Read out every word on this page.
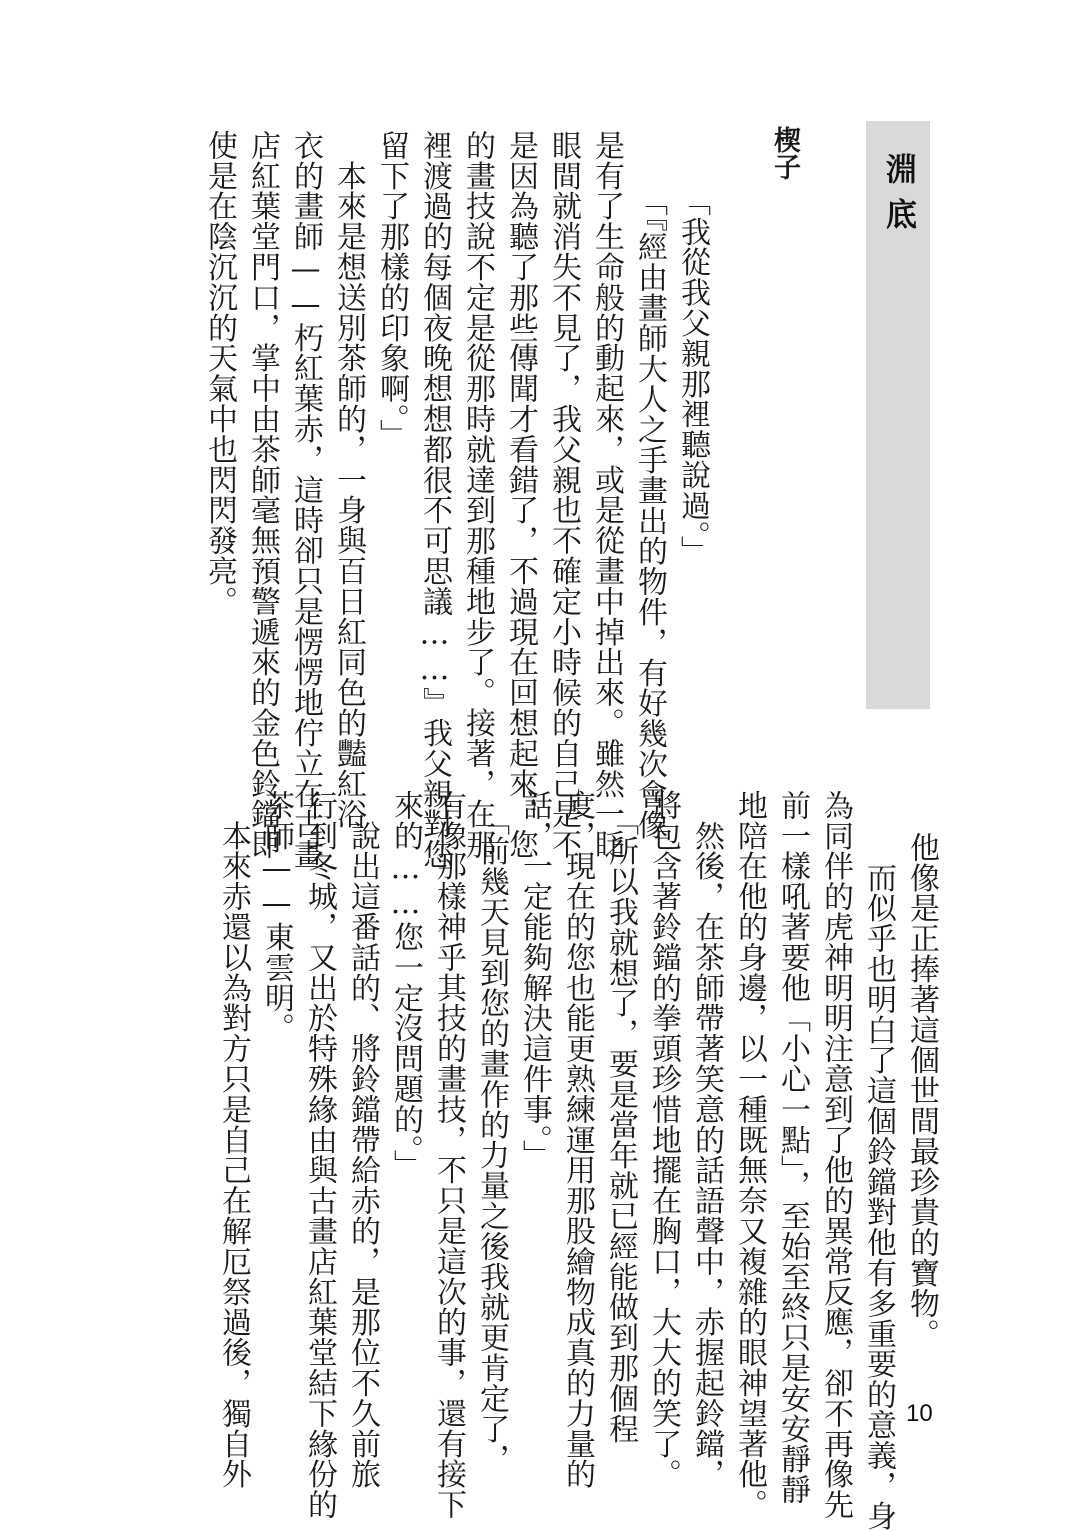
淵底
楔子
「我從我父親那裡聽說過。」
「『經由畫師大人之手畫出的物件，有好幾次會像
是有了生命般的動起來，或是從畫中掉出來。雖然一眨
眼間就消失不見了，我父親也不確定小時候的自己是不
是因為聽了那些傳聞才看錯了，不過現在回想起來，您
的畫技說不定是從那時就達到那種地步了。接著，在那
裡渡過的每個夜晚想想都很不可思議……』我父親對您
留下了那樣的印象啊。」
　本來是想送別茶師的，一身與百日紅同色的豔紅浴
衣的畫師——朽紅葉赤，這時卻只是愣愣地佇立在古畫
店紅葉堂門口，掌中由茶師毫無預警遞來的金色鈴鐺即
使是在陰沉沉的天氣中也閃閃發亮。
他像是正捧著這個世間最珍貴的寶物。
　而似乎也明白了這個鈴鐺對他有多重要的意義，身
為同伴的虎神明明注意到了他的異常反應，卻不再像先
前一樣吼著要他「小心一點」，至始至終只是安安靜靜
地陪在他的身邊，以一種既無奈又複雜的眼神望著他。
　然後，在茶師帶著笑意的話語聲中，赤握起鈴鐺，
將包含著鈴鐺的拳頭珍惜地擺在胸口，大大的笑了。
　「所以我就想了，要是當年就已經能做到那個程
度，現在的您也能更熟練運用那股繪物成真的力量的
話，一定能夠解決這件事。」
　「前幾天見到您的畫作的力量之後我就更肯定了，
有像那樣神乎其技的畫技，不只是這次的事，還有接下
來的……您一定沒問題的。」
　說出這番話的、將鈴鐺帶給赤的，是那位不久前旅
行到冬城，又出於特殊緣由與古畫店紅葉堂結下緣份的
茶師——東雲明。
　本來赤還以為對方只是自己在解厄祭過後，獨自外	10
